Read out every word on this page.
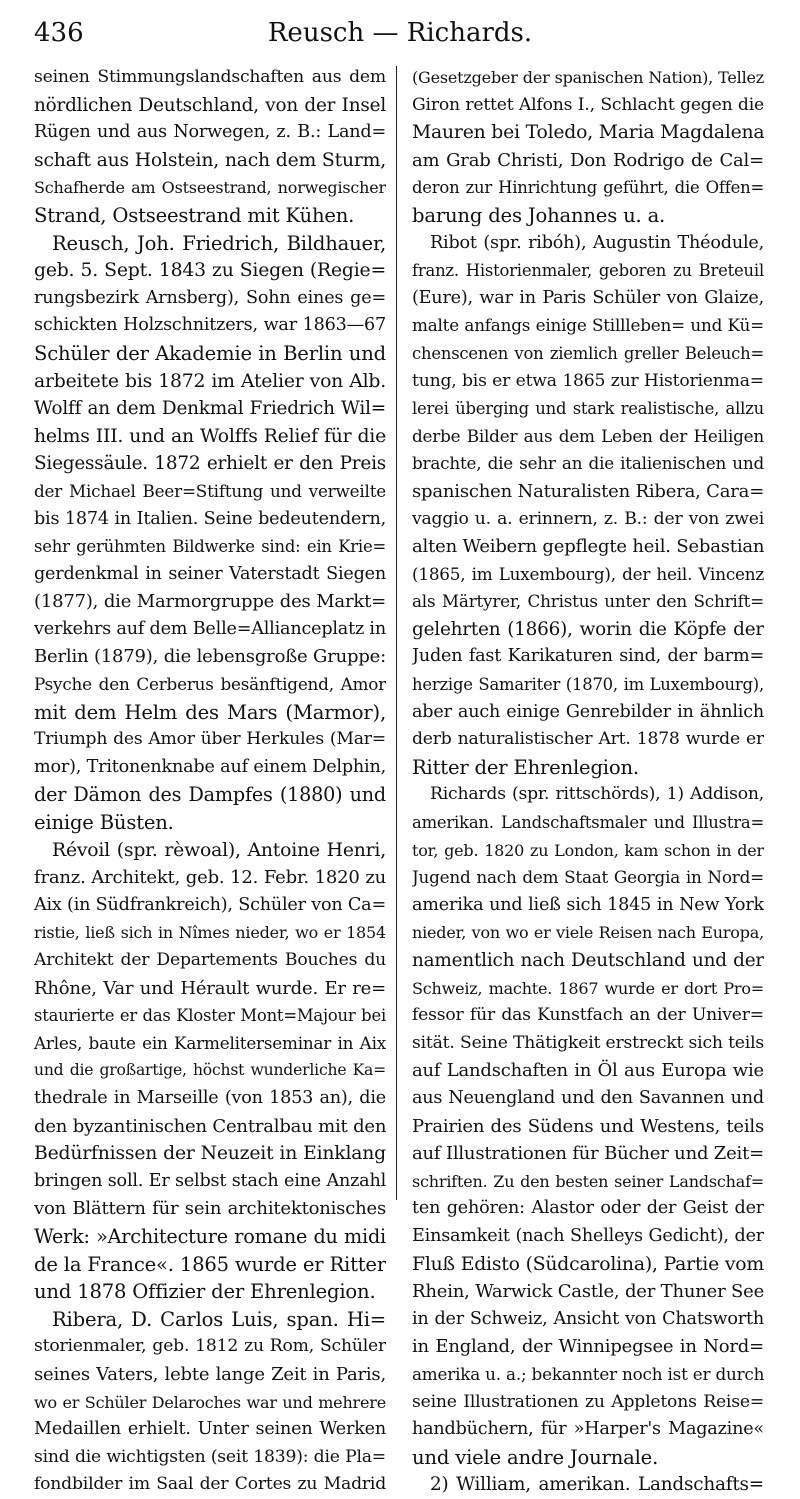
436	Reusch — Richards.
seinen Stimmungslandschaften aus dem
nördlichen Deutschland, von der Insel
Rügen und aus Norwegen, z. B.: Land=
schaft aus Holstein, nach dem Sturm,
Schafherde am Ostseestrand, norwegischer
Strand, Ostseestrand mit Kühen.
Reusch, Joh. Friedrich, Bildhauer,
geb. 5. Sept. 1843 zu Siegen (Regie=
rungsbezirk Arnsberg), Sohn eines ge=
schickten Holzschnitzers, war 1863—67
Schüler der Akademie in Berlin und
arbeitete bis 1872 im Atelier von Alb.
Wolff an dem Denkmal Friedrich Wil=
helms III. und an Wolffs Relief für die
Siegessäule. 1872 erhielt er den Preis
der Michael Beer=Stiftung und verweilte
bis 1874 in Italien. Seine bedeutendern,
sehr gerühmten Bildwerke sind: ein Krie=
gerdenkmal in seiner Vaterstadt Siegen
(1877), die Marmorgruppe des Markt=
verkehrs auf dem Belle=Allianceplatz in
Berlin (1879), die lebensgroße Gruppe:
Psyche den Cerberus besänftigend, Amor
mit dem Helm des Mars (Marmor),
Triumph des Amor über Herkules (Mar=
mor), Tritonenknabe auf einem Delphin,
der Dämon des Dampfes (1880) und
einige Büsten.
Révoil (spr. rèwoal), Antoine Henri,
franz. Architekt, geb. 12. Febr. 1820 zu
Aix (in Südfrankreich), Schüler von Ca=
ristie, ließ sich in Nîmes nieder, wo er 1854
Architekt der Departements Bouches du
Rhône, Var und Hérault wurde. Er re=
staurierte er das Kloster Mont=Majour bei
Arles, baute ein Karmeliterseminar in Aix
und die großartige, höchst wunderliche Ka=
thedrale in Marseille (von 1853 an), die
den byzantinischen Centralbau mit den
Bedürfnissen der Neuzeit in Einklang
bringen soll. Er selbst stach eine Anzahl
von Blättern für sein architektonisches
Werk: »Architecture romane du midi
de la France«. 1865 wurde er Ritter
und 1878 Offizier der Ehrenlegion.
Ribera, D. Carlos Luis, span. Hi=
storienmaler, geb. 1812 zu Rom, Schüler
seines Vaters, lebte lange Zeit in Paris,
wo er Schüler Delaroches war und mehrere
Medaillen erhielt. Unter seinen Werken
sind die wichtigsten (seit 1839): die Pla=
fondbilder im Saal der Cortes zu Madrid
(Gesetzgeber der spanischen Nation), Tellez
Giron rettet Alfons I., Schlacht gegen die
Mauren bei Toledo, Maria Magdalena
am Grab Christi, Don Rodrigo de Cal=
deron zur Hinrichtung geführt, die Offen=
barung des Johannes u. a.
Ribot (spr. ribóh), Augustin Théodule,
franz. Historienmaler, geboren zu Breteuil
(Eure), war in Paris Schüler von Glaize,
malte anfangs einige Stillleben= und Kü=
chenscenen von ziemlich greller Beleuch=
tung, bis er etwa 1865 zur Historienma=
lerei überging und stark realistische, allzu
derbe Bilder aus dem Leben der Heiligen
brachte, die sehr an die italienischen und
spanischen Naturalisten Ribera, Cara=
vaggio u. a. erinnern, z. B.: der von zwei
alten Weibern gepflegte heil. Sebastian
(1865, im Luxembourg), der heil. Vincenz
als Märtyrer, Christus unter den Schrift=
gelehrten (1866), worin die Köpfe der
Juden fast Karikaturen sind, der barm=
herzige Samariter (1870, im Luxembourg),
aber auch einige Genrebilder in ähnlich
derb naturalistischer Art. 1878 wurde er
Ritter der Ehrenlegion.
Richards (spr. rittschörds), 1) Addison,
amerikan. Landschaftsmaler und Illustra=
tor, geb. 1820 zu London, kam schon in der
Jugend nach dem Staat Georgia in Nord=
amerika und ließ sich 1845 in New York
nieder, von wo er viele Reisen nach Europa,
namentlich nach Deutschland und der
Schweiz, machte. 1867 wurde er dort Pro=
fessor für das Kunstfach an der Univer=
sität. Seine Thätigkeit erstreckt sich teils
auf Landschaften in Öl aus Europa wie
aus Neuengland und den Savannen und
Prairien des Südens und Westens, teils
auf Illustrationen für Bücher und Zeit=
schriften. Zu den besten seiner Landschaf=
ten gehören: Alastor oder der Geist der
Einsamkeit (nach Shelleys Gedicht), der
Fluß Edisto (Südcarolina), Partie vom
Rhein, Warwick Castle, der Thuner See
in der Schweiz, Ansicht von Chatsworth
in England, der Winnipegsee in Nord=
amerika u. a.; bekannter noch ist er durch
seine Illustrationen zu Appletons Reise=
handbüchern, für »Harper's Magazine«
und viele andre Journale.
2) William, amerikan. Landschafts=
